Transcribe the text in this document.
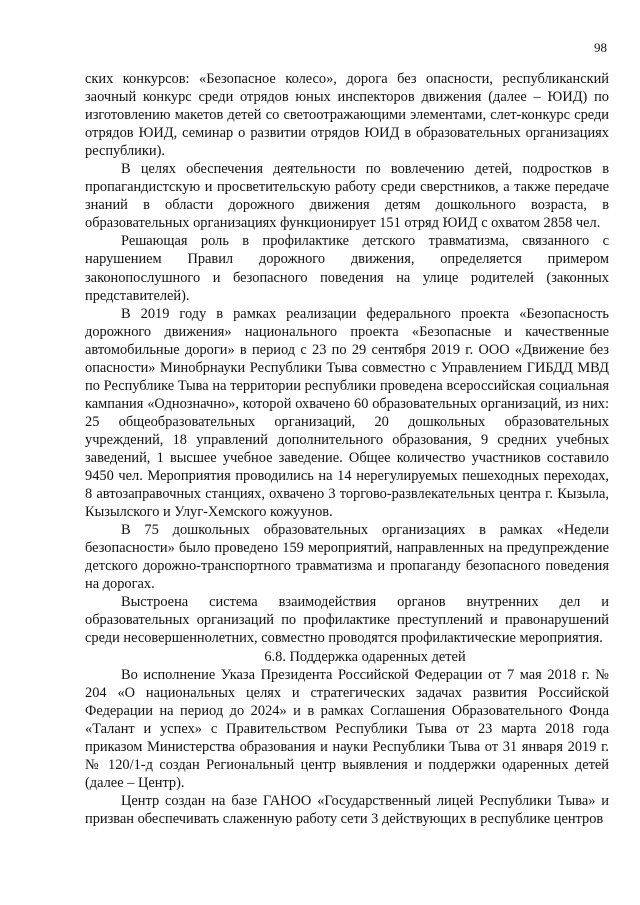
98

ских конкурсов: «Безопасное колесо», дорога без опасности, республиканский заочный конкурс среди отрядов юных инспекторов движения (далее – ЮИД) по изготовлению макетов детей со светоотражающими элементами, слет-конкурс среди отрядов ЮИД, семинар о развитии отрядов ЮИД в образовательных организациях республики).

В целях обеспечения деятельности по вовлечению детей, подростков в пропагандистскую и просветительскую работу среди сверстников, а также передаче знаний в области дорожного движения детям дошкольного возраста, в образовательных организациях функционирует 151 отряд ЮИД с охватом 2858 чел.

Решающая роль в профилактике детского травматизма, связанного с нарушением Правил дорожного движения, определяется примером законопослушного и безопасного поведения на улице родителей (законных представителей).

В 2019 году в рамках реализации федерального проекта «Безопасность дорожного движения» национального проекта «Безопасные и качественные автомобильные дороги» в период с 23 по 29 сентября 2019 г. ООО «Движение без опасности» Минобрнауки Республики Тыва совместно с Управлением ГИБДД МВД по Республике Тыва на территории республики проведена всероссийская социальная кампания «Однозначно», которой охвачено 60 образовательных организаций, из них: 25 общеобразовательных организаций, 20 дошкольных образовательных учреждений, 18 управлений дополнительного образования, 9 средних учебных заведений, 1 высшее учебное заведение. Общее количество участников составило 9450 чел. Мероприятия проводились на 14 нерегулируемых пешеходных переходах, 8 автозаправочных станциях, охвачено 3 торгово-развлекательных центра г. Кызыла, Кызылского и Улуг-Хемского кожуунов.

В 75 дошкольных образовательных организациях в рамках «Недели безопасности» было проведено 159 мероприятий, направленных на предупреждение детского дорожно-транспортного травматизма и пропаганду безопасного поведения на дорогах.

Выстроена система взаимодействия органов внутренних дел и образовательных организаций по профилактике преступлений и правонарушений среди несовершеннолетних, совместно проводятся профилактические мероприятия.

6.8. Поддержка одаренных детей

Во исполнение Указа Президента Российской Федерации от 7 мая 2018 г. № 204 «О национальных целях и стратегических задачах развития Российской Федерации на период до 2024» и в рамках Соглашения Образовательного Фонда «Талант и успех» с Правительством Республики Тыва от 23 марта 2018 года приказом Министерства образования и науки Республики Тыва от 31 января 2019 г. № 120/1-д создан Региональный центр выявления и поддержки одаренных детей (далее – Центр).

Центр создан на базе ГАНОО «Государственный лицей Республики Тыва» и призван обеспечивать слаженную работу сети 3 действующих в республике центров
